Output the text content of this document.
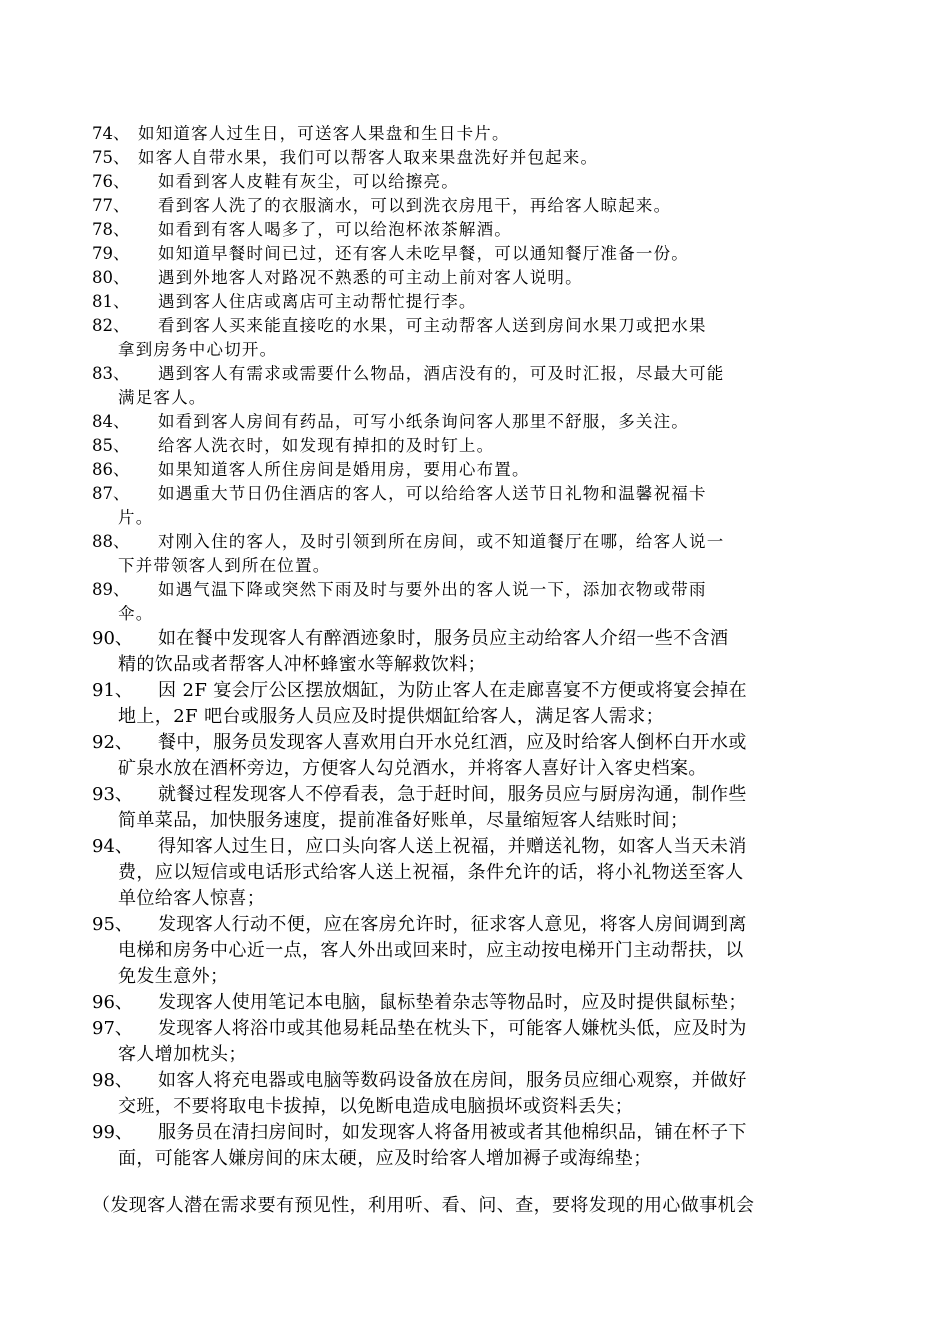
74、 如知道客人过生日，可送客人果盘和生日卡片。
75、 如客人自带水果，我们可以帮客人取来果盘洗好并包起来。
76、	如看到客人皮鞋有灰尘，可以给擦亮。
77、	看到客人洗了的衣服滴水，可以到洗衣房甩干，再给客人晾起来。
78、	如看到有客人喝多了，可以给泡杯浓茶解酒。
79、	如知道早餐时间已过，还有客人未吃早餐，可以通知餐厅准备一份。
80、	遇到外地客人对路况不熟悉的可主动上前对客人说明。
81、	遇到客人住店或离店可主动帮忙提行李。
82、	看到客人买来能直接吃的水果，可主动帮客人送到房间水果刀或把水果
拿到房务中心切开。
83、	遇到客人有需求或需要什么物品，酒店没有的，可及时汇报，尽最大可能
满足客人。
84、	如看到客人房间有药品，可写小纸条询问客人那里不舒服，多关注。
85、	给客人洗衣时，如发现有掉扣的及时钉上。
86、	如果知道客人所住房间是婚用房，要用心布置。
87、	如遇重大节日仍住酒店的客人，可以给给客人送节日礼物和温馨祝福卡
片。
88、	对刚入住的客人，及时引领到所在房间，或不知道餐厅在哪，给客人说一
下并带领客人到所在位置。
89、	如遇气温下降或突然下雨及时与要外出的客人说一下，添加衣物或带雨
伞。
90、	如在餐中发现客人有醉酒迹象时，服务员应主动给客人介绍一些不含酒
精的饮品或者帮客人冲杯蜂蜜水等解救饮料；
91、	因 2F 宴会厅公区摆放烟缸，为防止客人在走廊喜宴不方便或将宴会掉在
地上，2F 吧台或服务人员应及时提供烟缸给客人，满足客人需求；
92、	餐中，服务员发现客人喜欢用白开水兑红酒，应及时给客人倒杯白开水或
矿泉水放在酒杯旁边，方便客人勾兑酒水，并将客人喜好计入客史档案。
93、	就餐过程发现客人不停看表，急于赶时间，服务员应与厨房沟通，制作些
简单菜品，加快服务速度，提前准备好账单，尽量缩短客人结账时间；
94、	得知客人过生日，应口头向客人送上祝福，并赠送礼物，如客人当天未消
费，应以短信或电话形式给客人送上祝福，条件允许的话，将小礼物送至客人
单位给客人惊喜；
95、	发现客人行动不便，应在客房允许时，征求客人意见，将客人房间调到离
电梯和房务中心近一点，客人外出或回来时，应主动按电梯开门主动帮扶，以
免发生意外；
96、	发现客人使用笔记本电脑，鼠标垫着杂志等物品时，应及时提供鼠标垫；
97、	发现客人将浴巾或其他易耗品垫在枕头下，可能客人嫌枕头低，应及时为
客人增加枕头；
98、	如客人将充电器或电脑等数码设备放在房间，服务员应细心观察，并做好
交班，不要将取电卡拔掉，以免断电造成电脑损坏或资料丢失；
99、	服务员在清扫房间时，如发现客人将备用被或者其他棉织品，铺在杯子下
面，可能客人嫌房间的床太硬，应及时给客人增加褥子或海绵垫；
（发现客人潜在需求要有预见性，利用听、看、问、查，要将发现的用心做事机会
